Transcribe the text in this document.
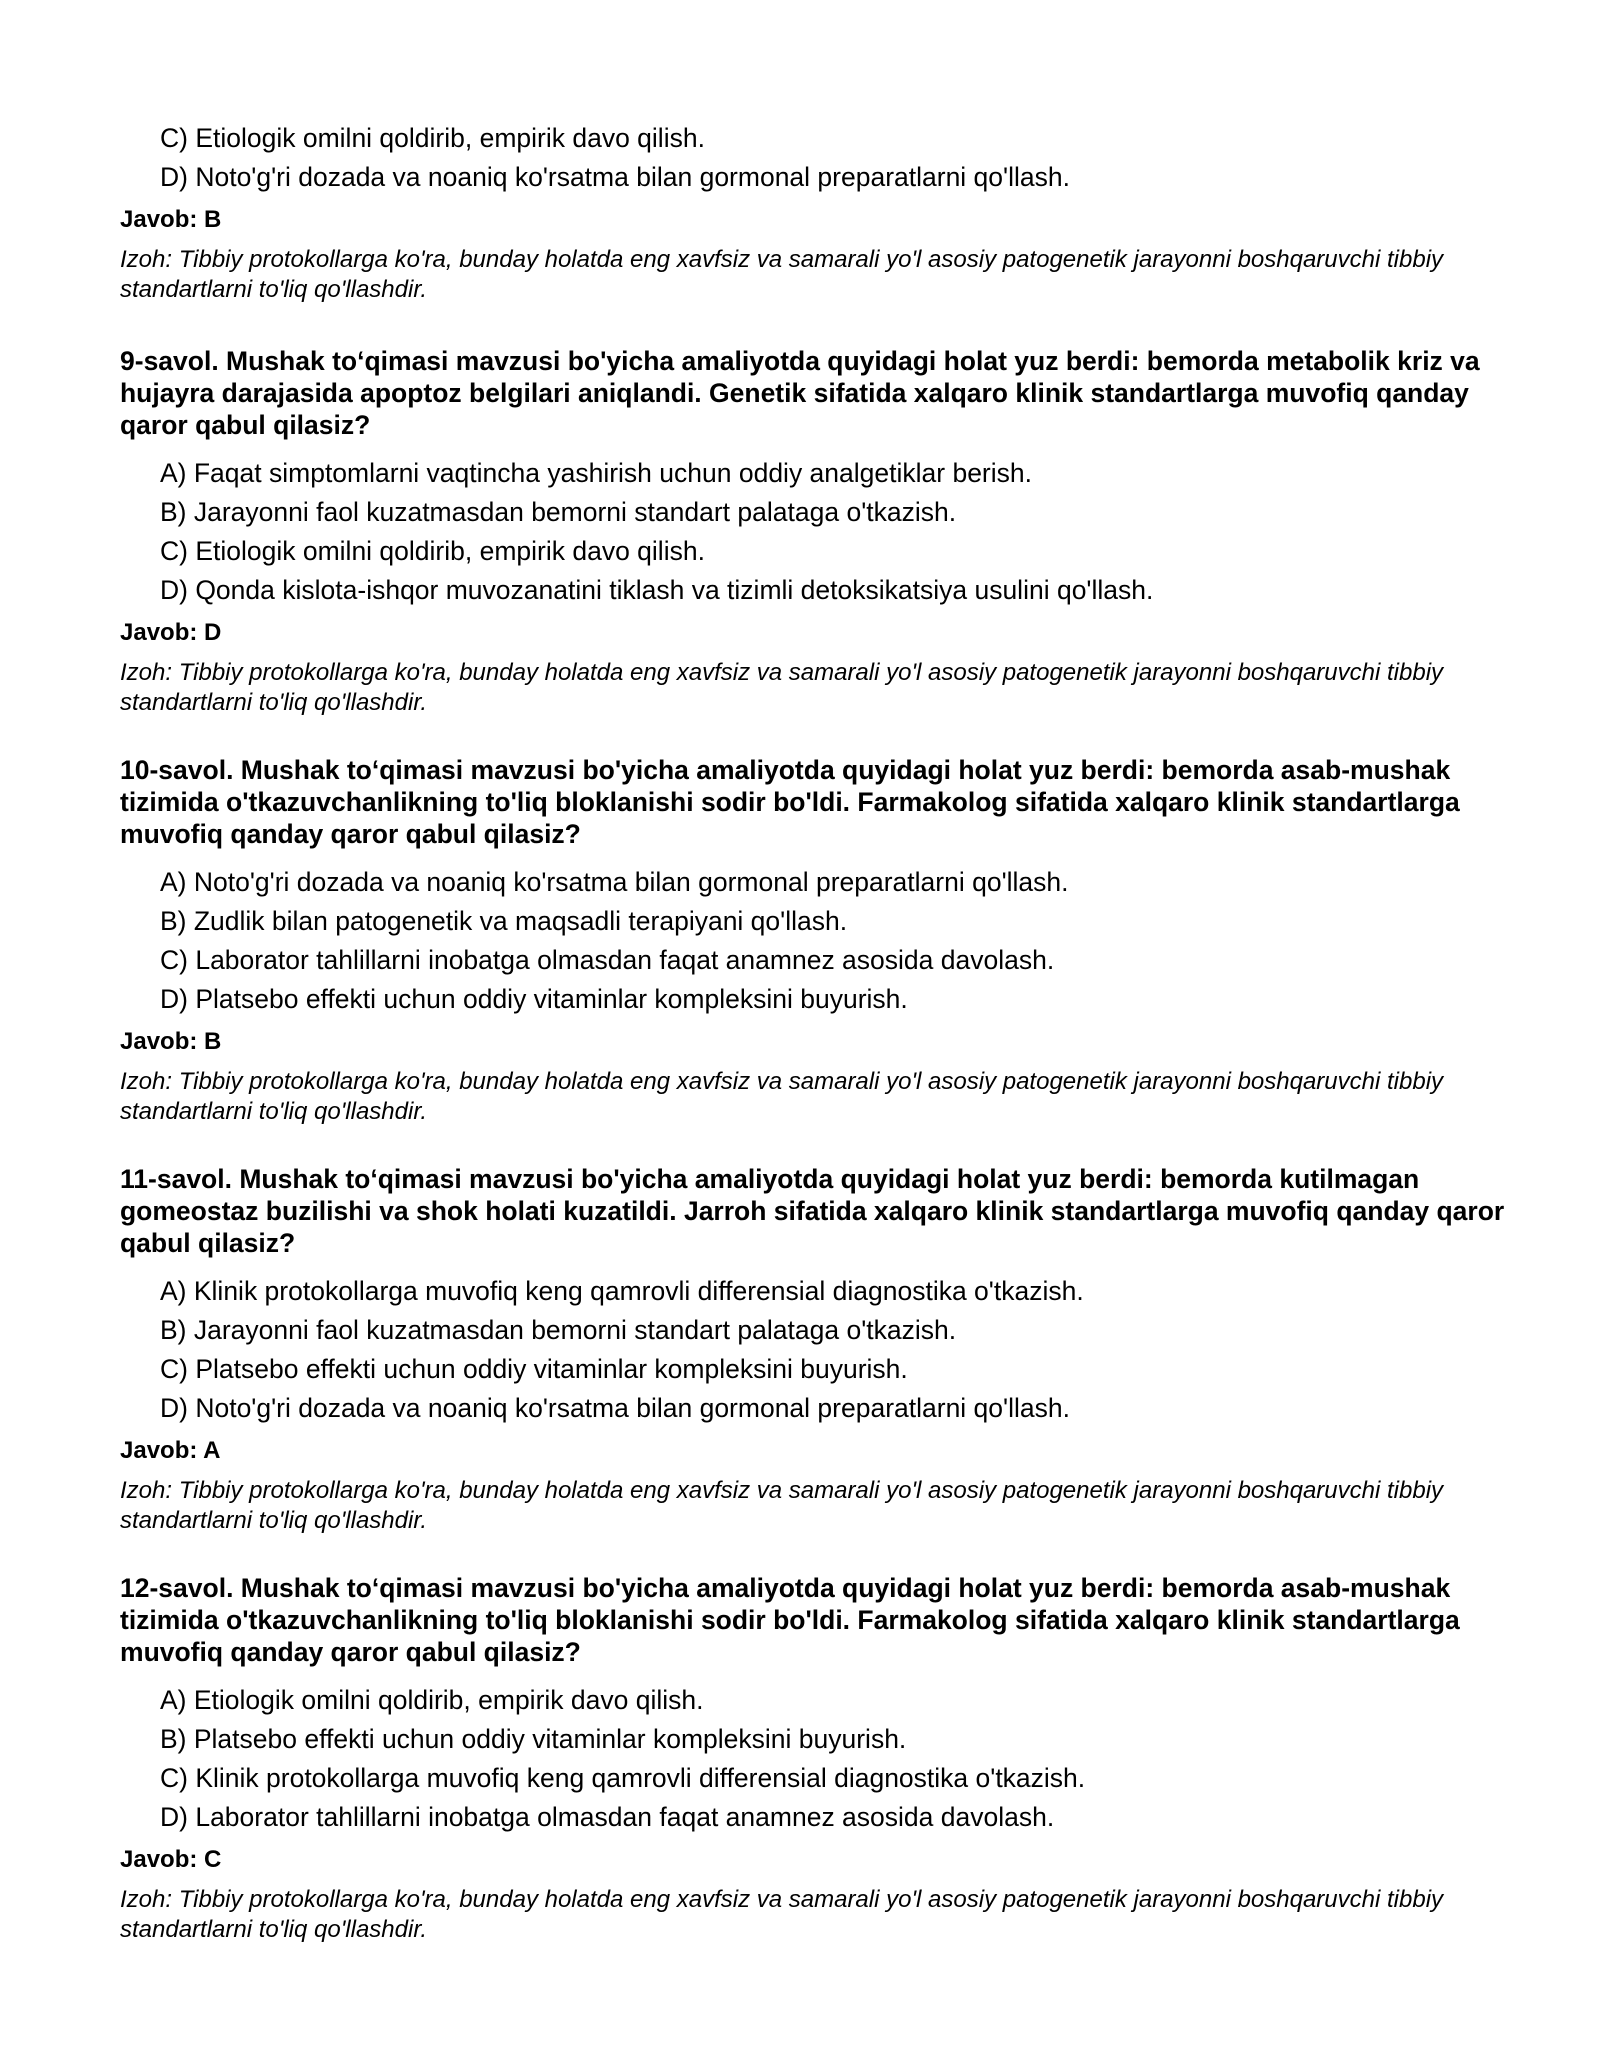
C) Etiologik omilni qoldirib, empirik davo qilish.
D) Noto'g'ri dozada va noaniq ko'rsatma bilan gormonal preparatlarni qo'llash.
Javob: B
Izoh: Tibbiy protokollarga ko'ra, bunday holatda eng xavfsiz va samarali yo'l asosiy patogenetik jarayonni boshqaruvchi tibbiy standartlarni to'liq qo'llashdir.
9-savol. Mushak to‘qimasi mavzusi bo'yicha amaliyotda quyidagi holat yuz berdi: bemorda metabolik kriz va hujayra darajasida apoptoz belgilari aniqlandi. Genetik sifatida xalqaro klinik standartlarga muvofiq qanday qaror qabul qilasiz?
A) Faqat simptomlarni vaqtincha yashirish uchun oddiy analgetiklar berish.
B) Jarayonni faol kuzatmasdan bemorni standart palataga o'tkazish.
C) Etiologik omilni qoldirib, empirik davo qilish.
D) Qonda kislota-ishqor muvozanatini tiklash va tizimli detoksikatsiya usulini qo'llash.
Javob: D
Izoh: Tibbiy protokollarga ko'ra, bunday holatda eng xavfsiz va samarali yo'l asosiy patogenetik jarayonni boshqaruvchi tibbiy standartlarni to'liq qo'llashdir.
10-savol. Mushak to‘qimasi mavzusi bo'yicha amaliyotda quyidagi holat yuz berdi: bemorda asab-mushak tizimida o'tkazuvchanlikning to'liq bloklanishi sodir bo'ldi. Farmakolog sifatida xalqaro klinik standartlarga muvofiq qanday qaror qabul qilasiz?
A) Noto'g'ri dozada va noaniq ko'rsatma bilan gormonal preparatlarni qo'llash.
B) Zudlik bilan patogenetik va maqsadli terapiyani qo'llash.
C) Laborator tahlillarni inobatga olmasdan faqat anamnez asosida davolash.
D) Platsebo effekti uchun oddiy vitaminlar kompleksini buyurish.
Javob: B
Izoh: Tibbiy protokollarga ko'ra, bunday holatda eng xavfsiz va samarali yo'l asosiy patogenetik jarayonni boshqaruvchi tibbiy standartlarni to'liq qo'llashdir.
11-savol. Mushak to‘qimasi mavzusi bo'yicha amaliyotda quyidagi holat yuz berdi: bemorda kutilmagan gomeostaz buzilishi va shok holati kuzatildi. Jarroh sifatida xalqaro klinik standartlarga muvofiq qanday qaror qabul qilasiz?
A) Klinik protokollarga muvofiq keng qamrovli differensial diagnostika o'tkazish.
B) Jarayonni faol kuzatmasdan bemorni standart palataga o'tkazish.
C) Platsebo effekti uchun oddiy vitaminlar kompleksini buyurish.
D) Noto'g'ri dozada va noaniq ko'rsatma bilan gormonal preparatlarni qo'llash.
Javob: A
Izoh: Tibbiy protokollarga ko'ra, bunday holatda eng xavfsiz va samarali yo'l asosiy patogenetik jarayonni boshqaruvchi tibbiy standartlarni to'liq qo'llashdir.
12-savol. Mushak to‘qimasi mavzusi bo'yicha amaliyotda quyidagi holat yuz berdi: bemorda asab-mushak tizimida o'tkazuvchanlikning to'liq bloklanishi sodir bo'ldi. Farmakolog sifatida xalqaro klinik standartlarga muvofiq qanday qaror qabul qilasiz?
A) Etiologik omilni qoldirib, empirik davo qilish.
B) Platsebo effekti uchun oddiy vitaminlar kompleksini buyurish.
C) Klinik protokollarga muvofiq keng qamrovli differensial diagnostika o'tkazish.
D) Laborator tahlillarni inobatga olmasdan faqat anamnez asosida davolash.
Javob: C
Izoh: Tibbiy protokollarga ko'ra, bunday holatda eng xavfsiz va samarali yo'l asosiy patogenetik jarayonni boshqaruvchi tibbiy standartlarni to'liq qo'llashdir.
